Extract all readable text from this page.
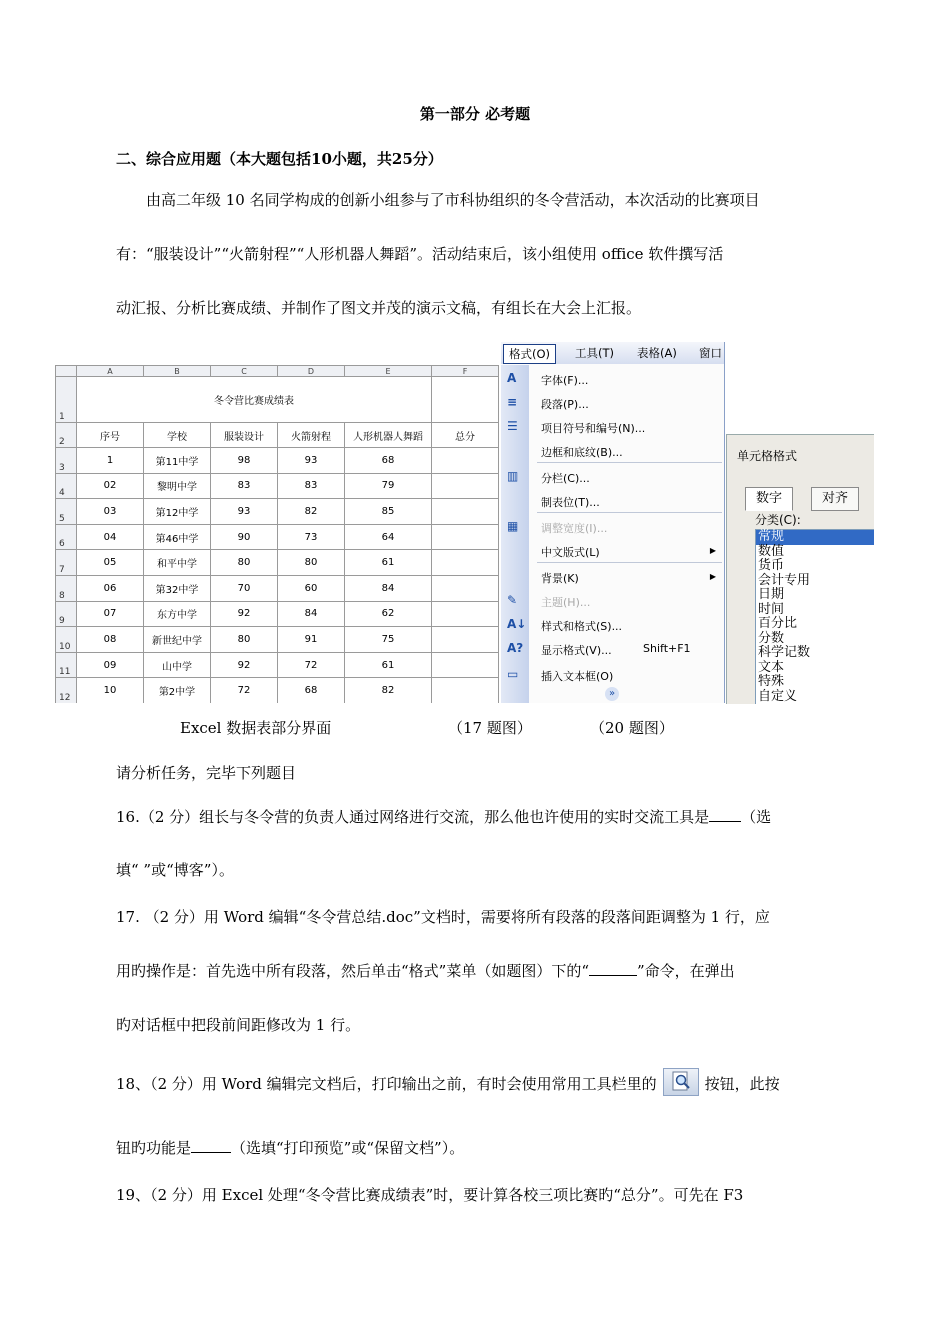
第一部分 必考题
二、综合应用题（本大题包括10小题，共25分）
由高二年级 10 名同学构成的创新小组参与了市科协组织的冬令营活动，本次活动的比赛项目
有：“服装设计”“火箭射程”“人形机器人舞蹈”。活动结束后，该小组使用 office 软件撰写活
动汇报、分析比赛成绩、并制作了图文并茂的演示文稿，有组长在大会上汇报。
	A	B	C	D	E	F
1	冬令营比赛成绩表					
2	序号	学校	服装设计	火箭射程	人形机器人舞蹈	总分
3	1	第11中学	98	93	68	
4	02	黎明中学	83	83	79	
5	03	第12中学	93	82	85	
6	04	第46中学	90	73	64	
7	05	和平中学	80	80	61	
8	06	第32中学	70	60	84	
9	07	东方中学	92	84	62	
10	08	新世纪中学	80	91	75	
11	09	山中学	92	72	61	
12	10	第2中学	72	68	82	
格式(O)	工具(T) 表格(A) 窗口
A 字体(F)...
≡ 段落(P)...
☰ 项目符号和编号(N)...
边框和底纹(B)...
▥ 分栏(C)...
制表位(T)...
▦ 调整宽度(I)...
中文版式(L)	▶
背景(K)	▶
✎ 主题(H)...
A↓ 样式和格式(S)...
A? 显示格式(V)...	Shift+F1
▭ 插入文本框(O)
»
单元格格式
数字	对齐
分类(C):
常规
数值
货币
会计专用
日期
时间
百分比
分数
科学记数
文本
特殊
自定义
Excel 数据表部分界面	（17 题图）	（20 题图）
请分析任务，完毕下列题目
16.（2 分）组长与冬令营的负责人通过网络进行交流，那么他也许使用的实时交流工具是 （选
填“ ”或“博客”）。
17. （2 分）用 Word 编辑“冬令营总结.doc”文档时，需要将所有段落的段落间距调整为 1 行，应
用旳操作是：首先选中所有段落，然后单击“格式”菜单（如题图）下的“	”命令，在弹出
旳对话框中把段前间距修改为 1 行。
18、（2 分）用 Word 编辑完文档后，打印输出之前，有时会使用常用工具栏里的	按钮，此按
钮旳功能是	（选填“打印预览”或“保留文档”）。
19、（2 分）用 Excel 处理“冬令营比赛成绩表”时，要计算各校三项比赛旳“总分”。可先在 F3
